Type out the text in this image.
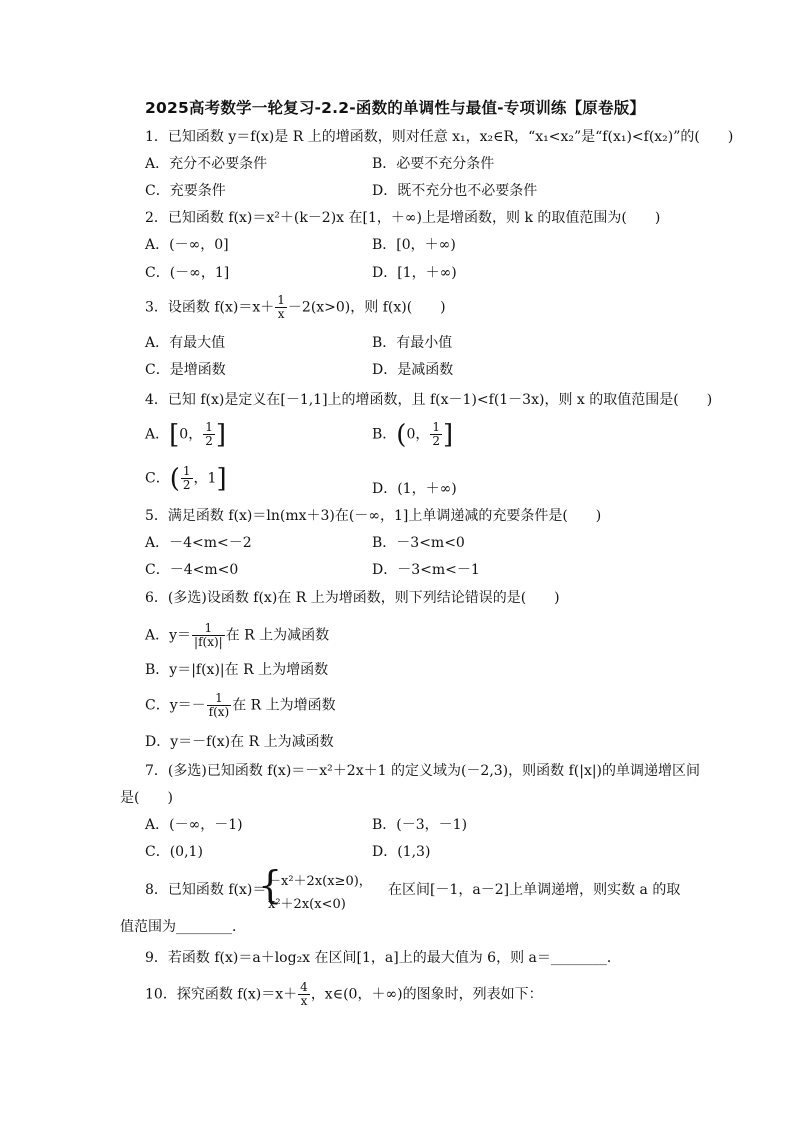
2025高考数学一轮复习-2.2-函数的单调性与最值-专项训练【原卷版】
1．已知函数 y＝f(x)是 R 上的增函数，则对任意 x₁，x₂∈R，“x₁<x₂”是“f(x₁)<f(x₂)”的(　　)
A．充分不必要条件	B．必要不充分条件
C．充要条件	D．既不充分也不必要条件
2．已知函数 f(x)＝x²＋(k－2)x 在[1，＋∞)上是增函数，则 k 的取值范围为(　　)
A．(－∞，0]	B．[0，＋∞)
C．(－∞，1]	D．[1，＋∞)
3．设函数 $f(x)=x+ \frac{1}{x} -2(x>0)$，则 f(x)(　　)
A．有最大值	B．有最小值
C．是增函数	D．是减函数
4．已知 f(x)是定义在[－1,1]上的增函数，且 f(x－1)<f(1－3x)，则 x 的取值范围是(　　)
A．[0， $\frac{1}{2}$ ]	B．(0， $\frac{1}{2}$ ]
C．( $\frac{1}{2}$ ，1]	D．(1，＋∞)
5．满足函数 f(x)＝ln(mx＋3)在(－∞，1]上单调递减的充要条件是(　　)
A．－4<m<－2	B．－3<m<0
C．－4<m<0	D．－3<m<－1
6．(多选)设函数 f(x)在 R 上为增函数，则下列结论错误的是(　　)
A．$y= \frac{1}{|f(x)|}$ 在 R 上为减函数
B．y＝|f(x)|在 R 上为增函数
C．$y=- \frac{1}{f(x)}$ 在 R 上为增函数
D．y＝－f(x)在 R 上为减函数
7．(多选)已知函数 f(x)＝－x²＋2x＋1 的定义域为(－2,3)，则函数 f(|x|)的单调递增区间
是(　　)
A．(－∞，－1)	B．(－3，－1)
C．(0,1)	D．(1,3)
8．已知函数 f(x)＝
{
－x²＋2x(x≥0)，
x²＋2x(x<0)
在区间[－1，a－2]上单调递增，则实数 a 的取
值范围为________．
9．若函数 f(x)＝a＋log₂x 在区间[1，a]上的最大值为 6，则 a＝________．
10．探究函数 $f(x)=x+ \frac{4}{x}$ ，x∈(0，＋∞)的图象时，列表如下：
